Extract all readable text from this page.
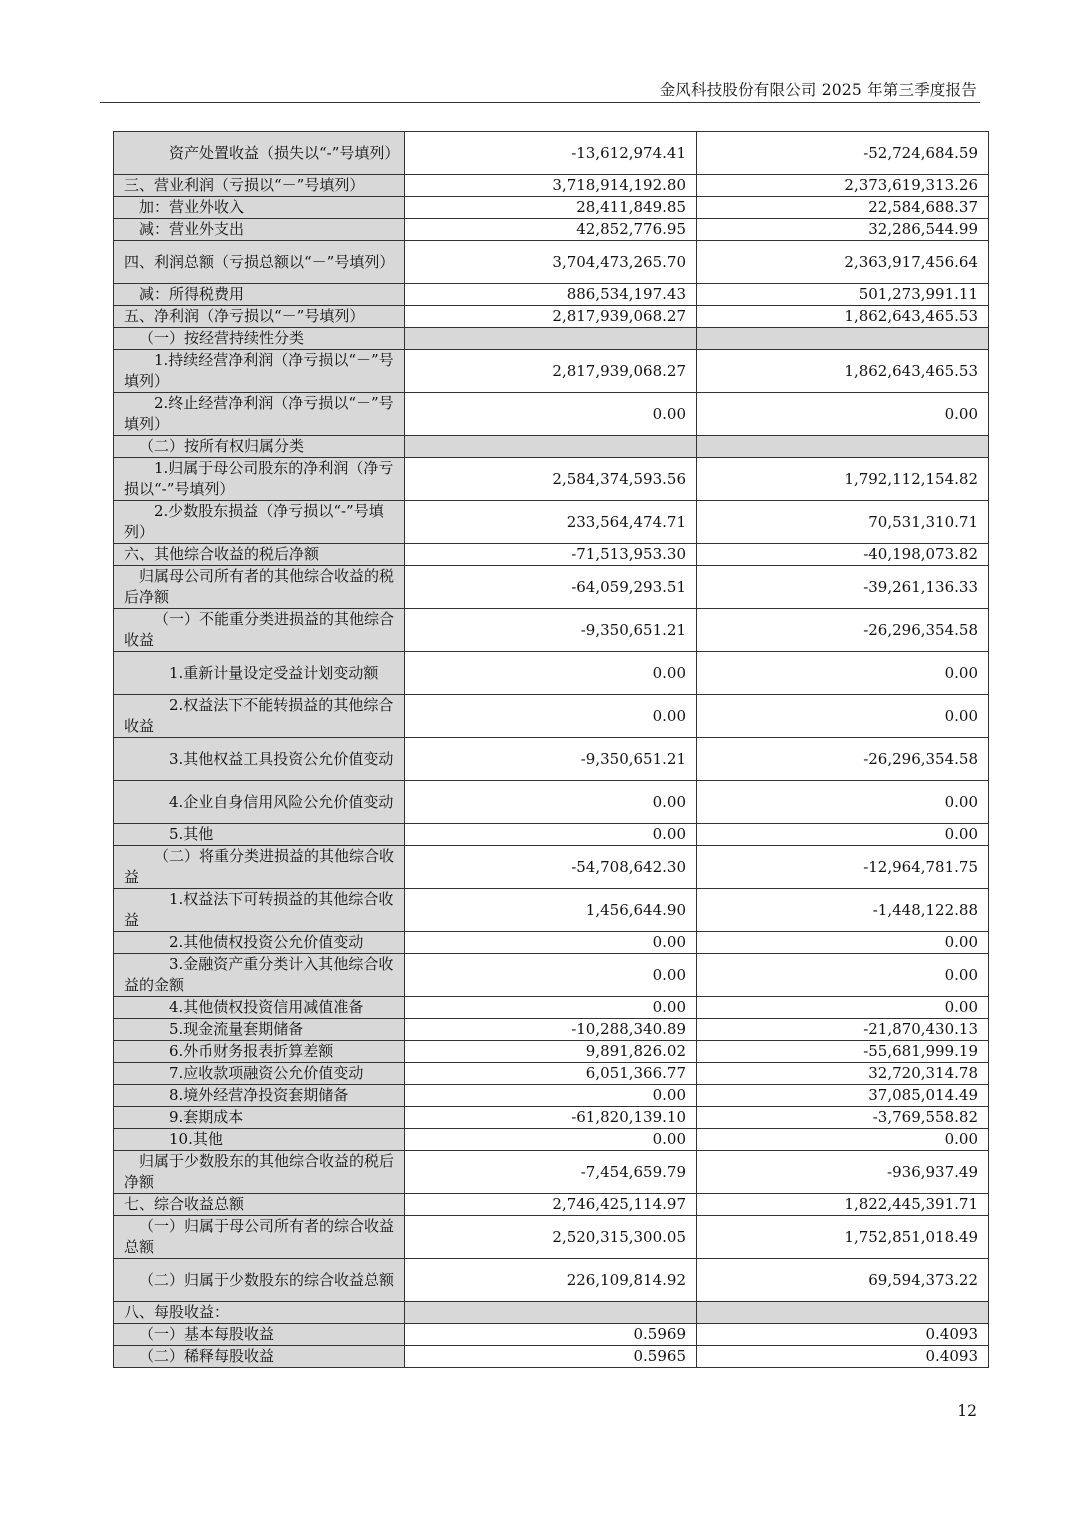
金风科技股份有限公司 2025 年第三季度报告
资产处置收益（损失以“-”号填列）	-13,612,974.41	-52,724,684.59
三、营业利润（亏损以“－”号填列）	3,718,914,192.80	2,373,619,313.26
加：营业外收入	28,411,849.85	22,584,688.37
减：营业外支出	42,852,776.95	32,286,544.99
四、利润总额（亏损总额以“－”号填列）	3,704,473,265.70	2,363,917,456.64
减：所得税费用	886,534,197.43	501,273,991.11
五、净利润（净亏损以“－”号填列）	2,817,939,068.27	1,862,643,465.53
（一）按经营持续性分类		
1.持续经营净利润（净亏损以“－”号填列）	2,817,939,068.27	1,862,643,465.53
2.终止经营净利润（净亏损以“－”号填列）	0.00	0.00
（二）按所有权归属分类		
1.归属于母公司股东的净利润（净亏损以“-”号填列）	2,584,374,593.56	1,792,112,154.82
2.少数股东损益（净亏损以“-”号填列）	233,564,474.71	70,531,310.71
六、其他综合收益的税后净额	-71,513,953.30	-40,198,073.82
归属母公司所有者的其他综合收益的税后净额	-64,059,293.51	-39,261,136.33
（一）不能重分类进损益的其他综合收益	-9,350,651.21	-26,296,354.58
1.重新计量设定受益计划变动额	0.00	0.00
2.权益法下不能转损益的其他综合收益	0.00	0.00
3.其他权益工具投资公允价值变动	-9,350,651.21	-26,296,354.58
4.企业自身信用风险公允价值变动	0.00	0.00
5.其他	0.00	0.00
（二）将重分类进损益的其他综合收益	-54,708,642.30	-12,964,781.75
1.权益法下可转损益的其他综合收益	1,456,644.90	-1,448,122.88
2.其他债权投资公允价值变动	0.00	0.00
3.金融资产重分类计入其他综合收益的金额	0.00	0.00
4.其他债权投资信用减值准备	0.00	0.00
5.现金流量套期储备	-10,288,340.89	-21,870,430.13
6.外币财务报表折算差额	9,891,826.02	-55,681,999.19
7.应收款项融资公允价值变动	6,051,366.77	32,720,314.78
8.境外经营净投资套期储备	0.00	37,085,014.49
9.套期成本	-61,820,139.10	-3,769,558.82
10.其他	0.00	0.00
归属于少数股东的其他综合收益的税后净额	-7,454,659.79	-936,937.49
七、综合收益总额	2,746,425,114.97	1,822,445,391.71
（一）归属于母公司所有者的综合收益总额	2,520,315,300.05	1,752,851,018.49
（二）归属于少数股东的综合收益总额	226,109,814.92	69,594,373.22
八、每股收益：		
（一）基本每股收益	0.5969	0.4093
（二）稀释每股收益	0.5965	0.4093
12
